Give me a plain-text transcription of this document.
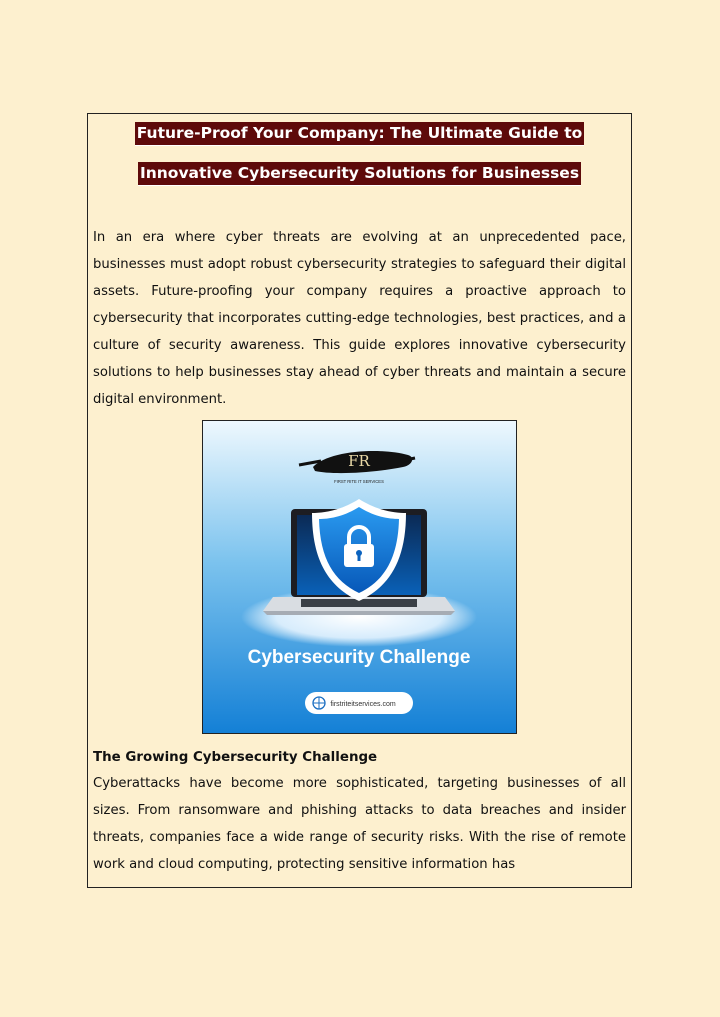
Future-Proof Your Company: The Ultimate Guide to
Innovative Cybersecurity Solutions for Businesses
In an era where cyber threats are evolving at an unprecedented pace, businesses must adopt robust cybersecurity strategies to safeguard their digital assets. Future-proofing your company requires a proactive approach to cybersecurity that incorporates cutting-edge technologies, best practices, and a culture of security awareness. This guide explores innovative cybersecurity solutions to help businesses stay ahead of cyber threats and maintain a secure digital environment.
FR
FIRST RITE IT SERVICES
Cybersecurity Challenge
firstriteitservices.com
The Growing Cybersecurity Challenge
Cyberattacks have become more sophisticated, targeting businesses of all sizes. From ransomware and phishing attacks to data breaches and insider threats, companies face a wide range of security risks. With the rise of remote work and cloud computing, protecting sensitive information has
